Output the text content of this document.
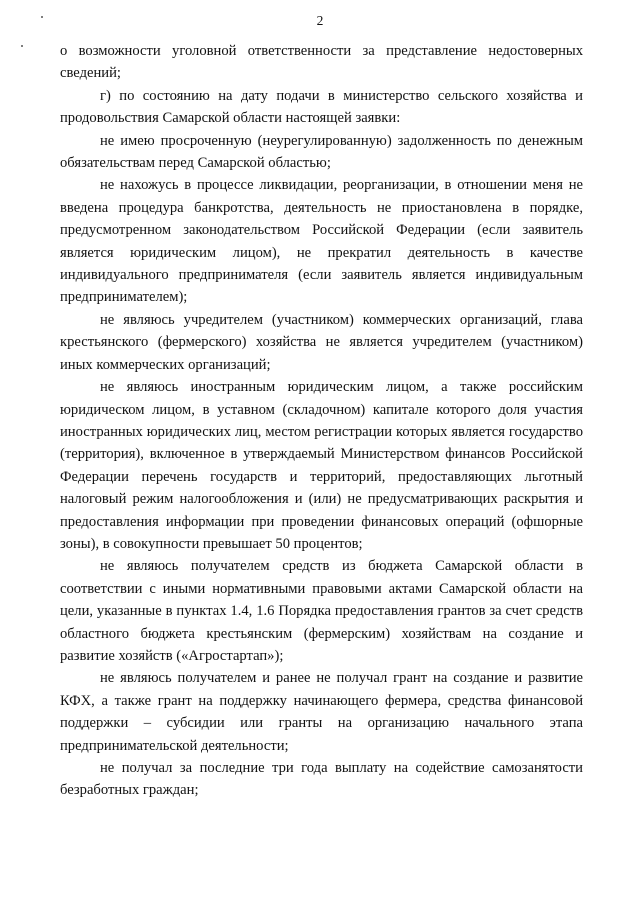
2

о возможности уголовной ответственности за представление недостоверных сведений;

г) по состоянию на дату подачи в министерство сельского хозяйства и продовольствия Самарской области настоящей заявки:

не имею просроченную (неурегулированную) задолженность по денежным обязательствам перед Самарской областью;

не нахожусь в процессе ликвидации, реорганизации, в отношении меня не введена процедура банкротства, деятельность не приостановлена в порядке, предусмотренном законодательством Российской Федерации (если заявитель является юридическим лицом), не прекратил деятельность в качестве индивидуального предпринимателя (если заявитель является индивидуальным предпринимателем);

не являюсь учредителем (участником) коммерческих организаций, глава крестьянского (фермерского) хозяйства не является учредителем (участником) иных коммерческих организаций;

не являюсь иностранным юридическим лицом, а также российским юридическом лицом, в уставном (складочном) капитале которого доля участия иностранных юридических лиц, местом регистрации которых является государство (территория), включенное в утверждаемый Министерством финансов Российской Федерации перечень государств и территорий, предоставляющих льготный налоговый режим налогообложения и (или) не предусматривающих раскрытия и предоставления информации при проведении финансовых операций (офшорные зоны), в совокупности превышает 50 процентов;

не являюсь получателем средств из бюджета Самарской области в соответствии с иными нормативными правовыми актами Самарской области на цели, указанные в пунктах 1.4, 1.6 Порядка предоставления грантов за счет средств областного бюджета крестьянским (фермерским) хозяйствам на создание и развитие хозяйств («Агростартап»);

не являюсь получателем и ранее не получал грант на создание и развитие КФХ, а также грант на поддержку начинающего фермера, средства финансовой поддержки – субсидии или гранты на организацию начального этапа предпринимательской деятельности;

не получал за последние три года выплату на содействие самозанятости безработных граждан;
